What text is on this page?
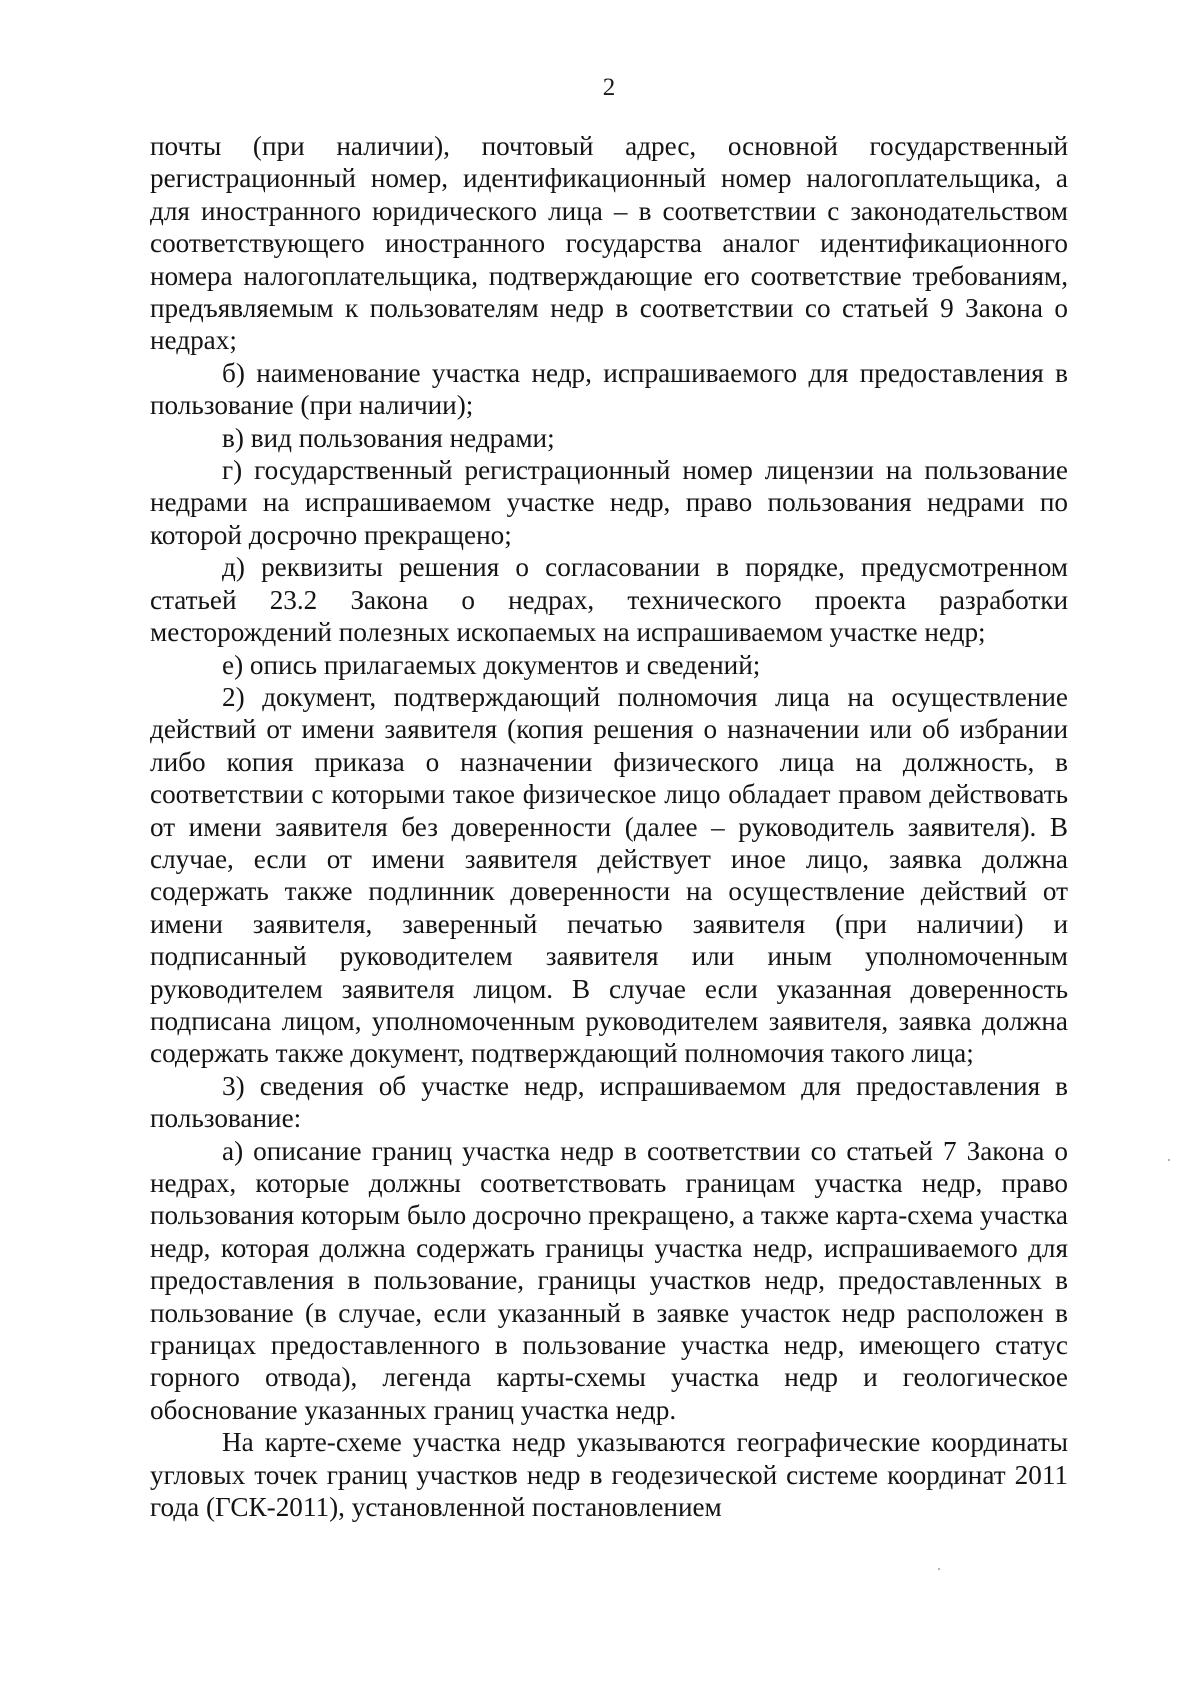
2

почты (при наличии), почтовый адрес, основной государственный регистрационный номер, идентификационный номер налогоплательщика, а для иностранного юридического лица – в соответствии с законодательством соответствующего иностранного государства аналог идентификационного номера налогоплательщика, подтверждающие его соответствие требованиям, предъявляемым к пользователям недр в соответствии со статьей 9 Закона о недрах;

б) наименование участка недр, испрашиваемого для предоставления в пользование (при наличии);

в) вид пользования недрами;

г) государственный регистрационный номер лицензии на пользование недрами на испрашиваемом участке недр, право пользования недрами по которой досрочно прекращено;

д) реквизиты решения о согласовании в порядке, предусмотренном статьей 23.2 Закона о недрах, технического проекта разработки месторождений полезных ископаемых на испрашиваемом участке недр;

е) опись прилагаемых документов и сведений;

2) документ, подтверждающий полномочия лица на осуществление действий от имени заявителя (копия решения о назначении или об избрании либо копия приказа о назначении физического лица на должность, в соответствии с которыми такое физическое лицо обладает правом действовать от имени заявителя без доверенности (далее – руководитель заявителя). В случае, если от имени заявителя действует иное лицо, заявка должна содержать также подлинник доверенности на осуществление действий от имени заявителя, заверенный печатью заявителя (при наличии) и подписанный руководителем заявителя или иным уполномоченным руководителем заявителя лицом. В случае если указанная доверенность подписана лицом, уполномоченным руководителем заявителя, заявка должна содержать также документ, подтверждающий полномочия такого лица;

3) сведения об участке недр, испрашиваемом для предоставления в пользование:

а) описание границ участка недр в соответствии со статьей 7 Закона о недрах, которые должны соответствовать границам участка недр, право пользования которым было досрочно прекращено, а также карта-схема участка недр, которая должна содержать границы участка недр, испрашиваемого для предоставления в пользование, границы участков недр, предоставленных в пользование (в случае, если указанный в заявке участок недр расположен в границах предоставленного в пользование участка недр, имеющего статус горного отвода), легенда карты-схемы участка недр и геологическое обоснование указанных границ участка недр.

На карте-схеме участка недр указываются географические координаты угловых точек границ участков недр в геодезической системе координат 2011 года (ГСК-2011), установленной постановлением
